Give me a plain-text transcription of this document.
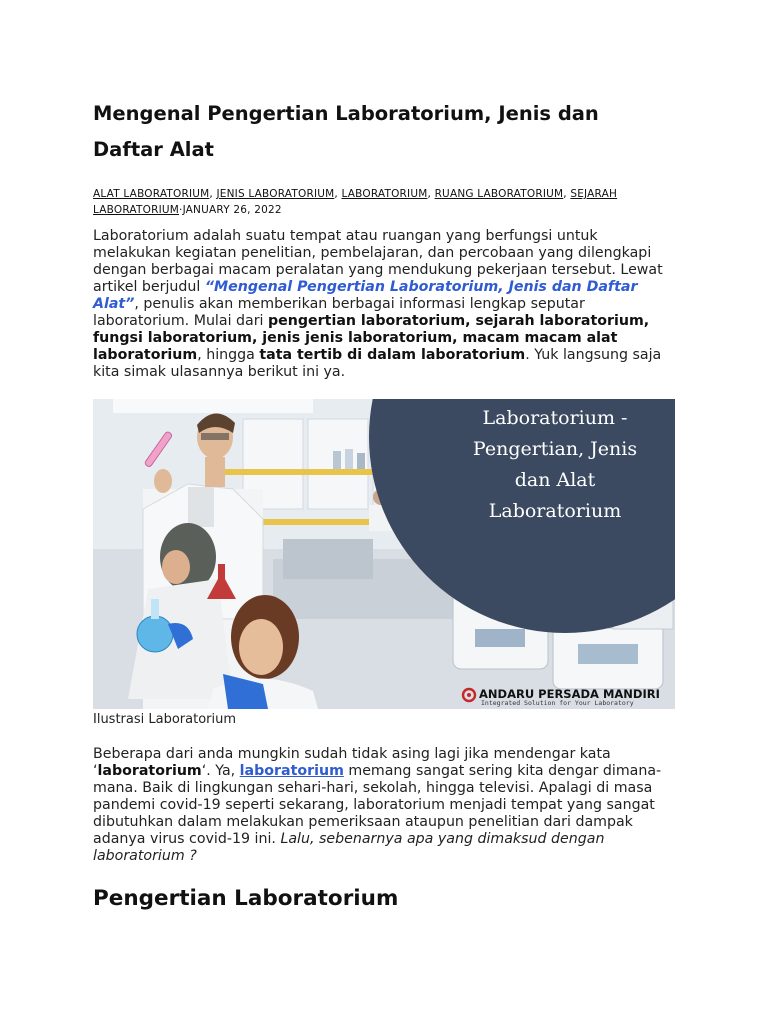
Mengenal Pengertian Laboratorium, Jenis dan Daftar Alat
ALAT LABORATORIUM, JENIS LABORATORIUM, LABORATORIUM, RUANG LABORATORIUM, SEJARAH LABORATORIUM·JANUARY 26, 2022

Laboratorium adalah suatu tempat atau ruangan yang berfungsi untuk melakukan kegiatan penelitian, pembelajaran, dan percobaan yang dilengkapi dengan berbagai macam peralatan yang mendukung pekerjaan tersebut. Lewat artikel berjudul “Mengenal Pengertian Laboratorium, Jenis dan Daftar Alat”, penulis akan memberikan berbagai informasi lengkap seputar laboratorium. Mulai dari pengertian laboratorium, sejarah laboratorium, fungsi laboratorium, jenis jenis laboratorium, macam macam alat laboratorium, hingga tata tertib di dalam laboratorium. Yuk langsung saja kita simak ulasannya berikut ini ya.

Laboratorium -
Pengertian, Jenis
dan Alat
Laboratorium
ANDARU PERSADA MANDIRI
Integrated Solution for Your Laboratory
Ilustrasi Laboratorium

Beberapa dari anda mungkin sudah tidak asing lagi jika mendengar kata ‘laboratorium‘. Ya, laboratorium memang sangat sering kita dengar dimana-mana. Baik di lingkungan sehari-hari, sekolah, hingga televisi. Apalagi di masa pandemi covid-19 seperti sekarang, laboratorium menjadi tempat yang sangat dibutuhkan dalam melakukan pemeriksaan ataupun penelitian dari dampak adanya virus covid-19 ini. Lalu, sebenarnya apa yang dimaksud dengan laboratorium ?

Pengertian Laboratorium
